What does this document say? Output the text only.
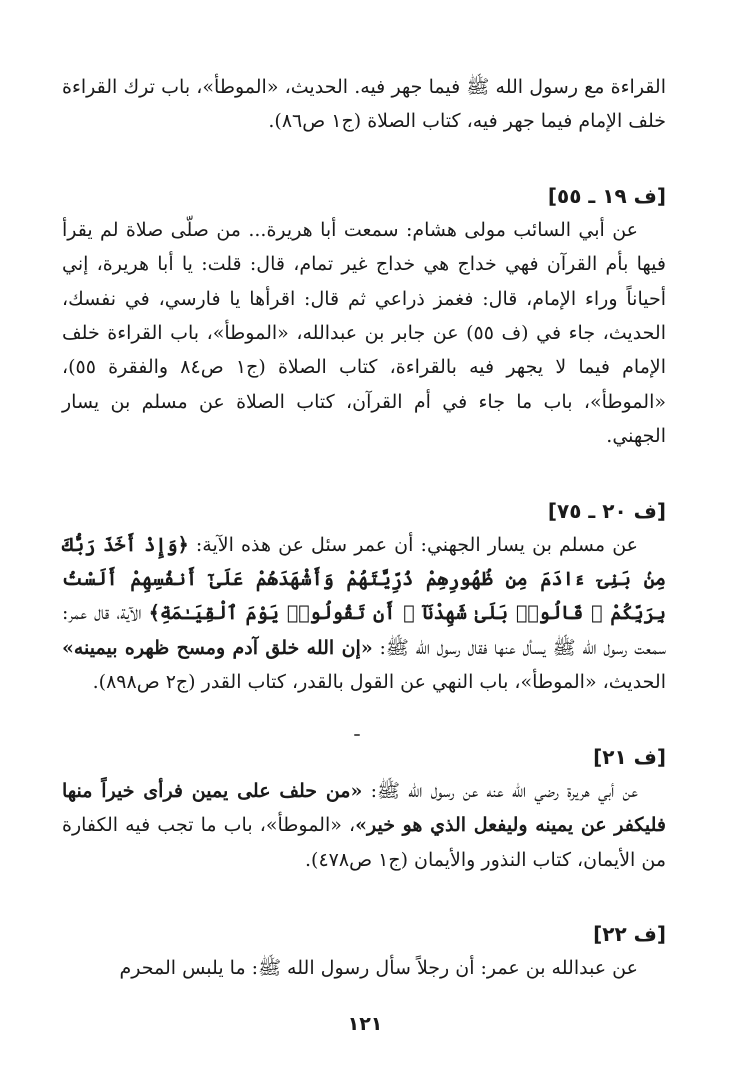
القراءة مع رسول الله ﷺ فيما جهر فيه. الحديث، «الموطأ»، باب ترك القراءة خلف الإمام فيما جهر فيه، كتاب الصلاة (ج١ ص٨٦).

[ف ١٩ ـ ٥٥]

عن أبي السائب مولى هشام: سمعت أبا هريرة... من صلّى صلاة لم يقرأ فيها بأم القرآن فهي خداج هي خداج غير تمام، قال: قلت: يا أبا هريرة، إني أحياناً وراء الإمام، قال: فغمز ذراعي ثم قال: اقرأها يا فارسي، في نفسك، الحديث، جاء في (ف ٥٥) عن جابر بن عبدالله، «الموطأ»، باب القراءة خلف الإمام فيما لا يجهر فيه بالقراءة، كتاب الصلاة (ج١ ص٨٤ والفقرة ٥٥)، «الموطأ»، باب ما جاء في أم القرآن، كتاب الصلاة عن مسلم بن يسار الجهني.

[ف ٢٠ ـ ٧٥]

عن مسلم بن يسار الجهني: أن عمر سئل عن هذه الآية: ﴿وَإِذْ أَخَذَ رَبُّكَ مِنۢ بَنِىٓ ءَادَمَ مِن ظُهُورِهِمْ ذُرِّيَّتَهُمْ وَأَشْهَدَهُمْ عَلَىٰٓ أَنفُسِهِمْ أَلَسْتُ بِرَبِّكُمْ ۖ قَالُوا۟ بَلَىٰ شَهِدْنَآ ۛ أَن تَقُولُوا۟ يَوْمَ ٱلْقِيَـٰمَةِ﴾ الآية، قال عمر: سمعت رسول الله ﷺ يسأل عنها فقال رسول الله ﷺ: «إن الله خلق آدم ومسح ظهره بيمينه» الحديث، «الموطأ»، باب النهي عن القول بالقدر، كتاب القدر (ج٢ ص٨٩٨).

[ف ٢١]

عن أبي هريرة رضي الله عنه عن رسول الله ﷺ: «من حلف على يمين فرأى خيراً منها فليكفر عن يمينه وليفعل الذي هو خير»، «الموطأ»، باب ما تجب فيه الكفارة من الأيمان، كتاب النذور والأيمان (ج١ ص٤٧٨).

[ف ٢٢]

عن عبدالله بن عمر: أن رجلاً سأل رسول الله ﷺ: ما يلبس المحرم

١٢١
